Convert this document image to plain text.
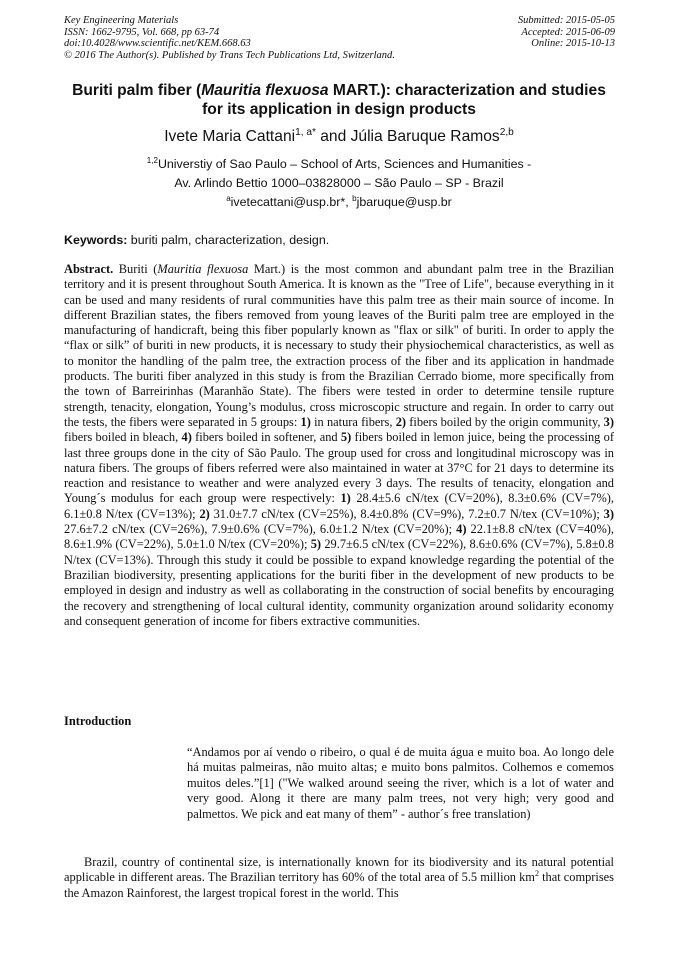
Key Engineering Materials
ISSN: 1662-9795, Vol. 668, pp 63-74
doi:10.4028/www.scientific.net/KEM.668.63
© 2016 The Author(s). Published by Trans Tech Publications Ltd, Switzerland.
Submitted: 2015-05-05
Accepted: 2015-06-09
Online: 2015-10-13
Buriti palm fiber (Mauritia flexuosa MART.): characterization and studies
for its application in design products
Ivete Maria Cattani$^{1, a*}$ and Júlia Baruque Ramos$^{2,b}$
$^{1,2}$Universtiy of Sao Paulo – School of Arts, Sciences and Humanities -
Av. Arlindo Bettio 1000–03828000 – São Paulo – SP - Brazil
$^a$ivetecattani@usp.br*, $^b$jbaruque@usp.br
Keywords: buriti palm, characterization, design.

Abstract. Buriti (Mauritia flexuosa Mart.) is the most common and abundant palm tree in the Brazilian territory and it is present throughout South America. It is known as the "Tree of Life", because everything in it can be used and many residents of rural communities have this palm tree as their main source of income. In different Brazilian states, the fibers removed from young leaves of the Buriti palm tree are employed in the manufacturing of handicraft, being this fiber popularly known as "flax or silk" of buriti. In order to apply the “flax or silk” of buriti in new products, it is necessary to study their physiochemical characteristics, as well as to monitor the handling of the palm tree, the extraction process of the fiber and its application in handmade products. The buriti fiber analyzed in this study is from the Brazilian Cerrado biome, more specifically from the town of Barreirinhas (Maranhão State). The fibers were tested in order to determine tensile rupture strength, tenacity, elongation, Young’s modulus, cross microscopic structure and regain. In order to carry out the tests, the fibers were separated in 5 groups: 1) in natura fibers, 2) fibers boiled by the origin community, 3) fibers boiled in bleach, 4) fibers boiled in softener, and 5) fibers boiled in lemon juice, being the processing of last three groups done in the city of São Paulo. The group used for cross and longitudinal microscopy was in natura fibers. The groups of fibers referred were also maintained in water at 37°C for 21 days to determine its reaction and resistance to weather and were analyzed every 3 days. The results of tenacity, elongation and Young´s modulus for each group were respectively: 1) 28.4±5.6 cN/tex (CV=20%), 8.3±0.6% (CV=7%), 6.1±0.8 N/tex (CV=13%); 2) 31.0±7.7 cN/tex (CV=25%), 8.4±0.8% (CV=9%), 7.2±0.7 N/tex (CV=10%); 3) 27.6±7.2 cN/tex (CV=26%), 7.9±0.6% (CV=7%), 6.0±1.2 N/tex (CV=20%); 4) 22.1±8.8 cN/tex (CV=40%), 8.6±1.9% (CV=22%), 5.0±1.0 N/tex (CV=20%); 5) 29.7±6.5 cN/tex (CV=22%), 8.6±0.6% (CV=7%), 5.8±0.8 N/tex (CV=13%). Through this study it could be possible to expand knowledge regarding the potential of the Brazilian biodiversity, presenting applications for the buriti fiber in the development of new products to be employed in design and industry as well as collaborating in the construction of social benefits by encouraging the recovery and strengthening of local cultural identity, community organization around solidarity economy and consequent generation of income for fibers extractive communities.

Introduction

“Andamos por aí vendo o ribeiro, o qual é de muita água e muito boa. Ao longo dele há muitas palmeiras, não muito altas; e muito bons palmitos. Colhemos e comemos muitos deles.”[1] ("We walked around seeing the river, which is a lot of water and very good. Along it there are many palm trees, not very high; very good and palmettos. We pick and eat many of them” - author´s free translation)

Brazil, country of continental size, is internationally known for its biodiversity and its natural potential applicable in different areas. The Brazilian territory has 60% of the total area of 5.5 million $km^2$ that comprises the Amazon Rainforest, the largest tropical forest in the world. This
